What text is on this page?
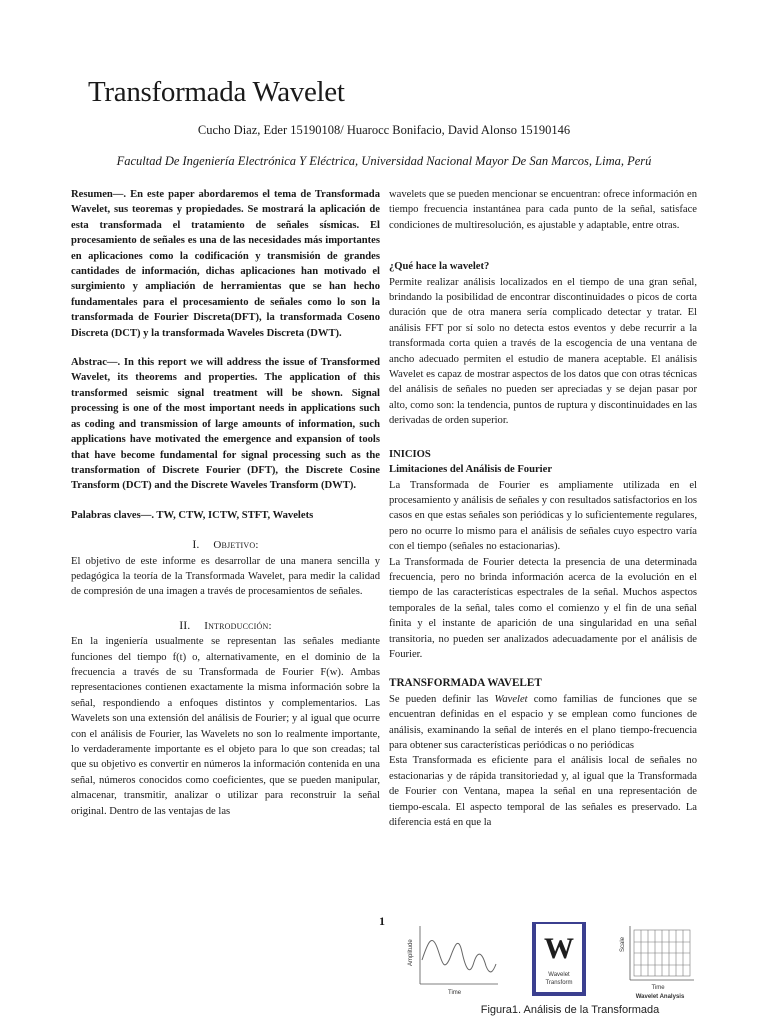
Transformada Wavelet
Cucho Diaz, Eder 15190108/ Huarocc Bonifacio, David Alonso 15190146
Facultad De Ingeniería Electrónica Y Eléctrica, Universidad Nacional Mayor De San Marcos, Lima, Perú

Resumen—. En este paper abordaremos el tema de Transformada Wavelet, sus teoremas y propiedades. Se mostrará la aplicación de esta transformada el tratamiento de señales sísmicas. El procesamiento de señales es una de las necesidades más importantes en aplicaciones como la codificación y transmisión de grandes cantidades de información, dichas aplicaciones han motivado el surgimiento y ampliación de herramientas que se han hecho fundamentales para el procesamiento de señales como lo son la transformada de Fourier Discreta(DFT), la transformada Coseno Discreta (DCT) y la transformada Waveles Discreta (DWT).

Abstrac—. In this report we will address the issue of Transformed Wavelet, its theorems and properties. The application of this transformed seismic signal treatment will be shown. Signal processing is one of the most important needs in applications such as coding and transmission of large amounts of information, such applications have motivated the emergence and expansion of tools that have become fundamental for signal processing such as the transformation of Discrete Fourier (DFT), the Discrete Cosine Transform (DCT) and the Discrete Waveles Transform (DWT).

Palabras claves—. TW, CTW, ICTW, STFT, Wavelets

I. Objetivo:

El objetivo de este informe es desarrollar de una manera sencilla y pedagógica la teoría de la Transformada Wavelet, para medir la calidad de compresión de una imagen a través de procesamientos de señales.

II. Introducción:

En la ingeniería usualmente se representan las señales mediante funciones del tiempo f(t) o, alternativamente, en el dominio de la frecuencia a través de su Transformada de Fourier F(w). Ambas representaciones contienen exactamente la misma información sobre la señal, respondiendo a enfoques distintos y complementarios. Las Wavelets son una extensión del análisis de Fourier; y al igual que ocurre con el análisis de Fourier, las Wavelets no son lo realmente importante, lo verdaderamente importante es el objeto para lo que son creadas; tal que su objetivo es convertir en números la información contenida en una señal, números conocidos como coeficientes, que se pueden manipular, almacenar, transmitir, analizar o utilizar para reconstruir la señal original. Dentro de las ventajas de las

wavelets que se pueden mencionar se encuentran: ofrece información en tiempo frecuencia instantánea para cada punto de la señal, satisface condiciones de multiresolución, es ajustable y adaptable, entre otras.

¿Qué hace la wavelet?

Permite realizar análisis localizados en el tiempo de una gran señal, brindando la posibilidad de encontrar discontinuidades o picos de corta duración que de otra manera sería complicado detectar y tratar. El análisis FFT por sí solo no detecta estos eventos y debe recurrir a la transformada corta quien a través de la escogencia de una ventana de ancho adecuado permiten el estudio de manera aceptable. El análisis Wavelet es capaz de mostrar aspectos de los datos que con otras técnicas del análisis de señales no pueden ser apreciadas y se dejan pasar por alto, como son: la tendencia, puntos de ruptura y discontinuidades en las derivadas de orden superior.

INICIOS

Limitaciones del Análisis de Fourier

La Transformada de Fourier es ampliamente utilizada en el procesamiento y análisis de señales y con resultados satisfactorios en los casos en que estas señales son periódicas y lo suficientemente regulares, pero no ocurre lo mismo para el análisis de señales cuyo espectro varía con el tiempo (señales no estacionarias).

La Transformada de Fourier detecta la presencia de una determinada frecuencia, pero no brinda información acerca de la evolución en el tiempo de las características espectrales de la señal. Muchos aspectos temporales de la señal, tales como el comienzo y el fin de una señal finita y el instante de aparición de una singularidad en una señal transitoria, no pueden ser analizados adecuadamente por el análisis de Fourier.

TRANSFORMADA WAVELET

Se pueden definir las Wavelet como familias de funciones que se encuentran definidas en el espacio y se emplean como funciones de análisis, examinando la señal de interés en el plano tiempo-frecuencia para obtener sus características periódicas o no periódicas

Esta Transformada es eficiente para el análisis local de señales no estacionarias y de rápida transitoriedad y, al igual que la Transformada de Fourier con Ventana, mapea la señal en una representación de tiempo-escala. El aspecto temporal de las señales es preservado. La diferencia está en que la

1
Amplitude
Time
W
Wavelet
Transform
Scale
Time
Wavelet Analysis
Figura1. Análisis de la Transformada
